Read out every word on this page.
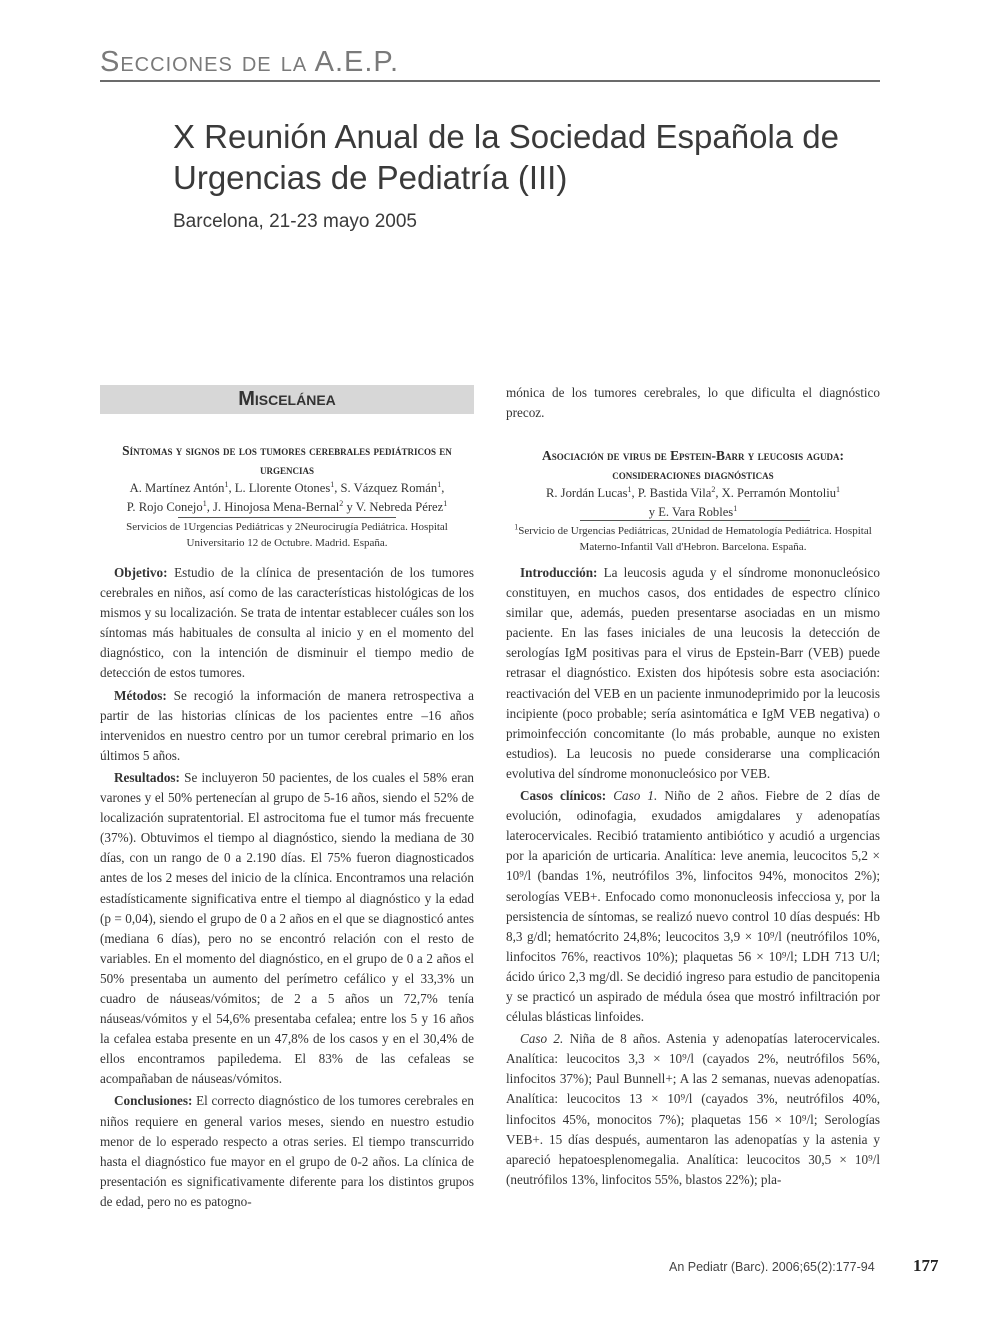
Secciones de la A.E.P.
X Reunión Anual de la Sociedad Española de Urgencias de Pediatría (III)
Barcelona, 21-23 mayo 2005
Miscelánea
Síntomas y signos de los tumores cerebrales pediátricos en urgencias
A. Martínez Antón$^1$, L. Llorente Otones$^1$, S. Vázquez Román$^1$,
P. Rojo Conejo$^1$, J. Hinojosa Mena-Bernal$^2$ y V. Nebreda Pérez$^1$
Servicios de 1Urgencias Pediátricas y 2Neurocirugía Pediátrica. Hospital Universitario 12 de Octubre. Madrid. España.

Objetivo: Estudio de la clínica de presentación de los tumores cerebrales en niños, así como de las características histológicas de los mismos y su localización. Se trata de intentar establecer cuáles son los síntomas más habituales de consulta al inicio y en el momento del diagnóstico, con la intención de disminuir el tiempo medio de detección de estos tumores.

Métodos: Se recogió la información de manera retrospectiva a partir de las historias clínicas de los pacientes entre –16 años intervenidos en nuestro centro por un tumor cerebral primario en los últimos 5 años.

Resultados: Se incluyeron 50 pacientes, de los cuales el 58% eran varones y el 50% pertenecían al grupo de 5-16 años, siendo el 52% de localización supratentorial. El astrocitoma fue el tumor más frecuente (37%). Obtuvimos el tiempo al diagnóstico, siendo la mediana de 30 días, con un rango de 0 a 2.190 días. El 75% fueron diagnosticados antes de los 2 meses del inicio de la clínica. Encontramos una relación estadísticamente significativa entre el tiempo al diagnóstico y la edad (p = 0,04), siendo el grupo de 0 a 2 años en el que se diagnosticó antes (mediana 6 días), pero no se encontró relación con el resto de variables. En el momento del diagnóstico, en el grupo de 0 a 2 años el 50% presentaba un aumento del perímetro cefálico y el 33,3% un cuadro de náuseas/vómitos; de 2 a 5 años un 72,7% tenía náuseas/vómitos y el 54,6% presentaba cefalea; entre los 5 y 16 años la cefalea estaba presente en un 47,8% de los casos y en el 30,4% de ellos encontramos papiledema. El 83% de las cefaleas se acompañaban de náuseas/vómitos.

Conclusiones: El correcto diagnóstico de los tumores cerebrales en niños requiere en general varios meses, siendo en nuestro estudio menor de lo esperado respecto a otras series. El tiempo transcurrido hasta el diagnóstico fue mayor en el grupo de 0-2 años. La clínica de presentación es significativamente diferente para los distintos grupos de edad, pero no es patogno-

mónica de los tumores cerebrales, lo que dificulta el diagnóstico precoz.

Asociación de virus de Epstein-Barr y leucosis aguda: consideraciones diagnósticas
R. Jordán Lucas$^1$, P. Bastida Vila$^2$, X. Perramón Montoliu$^1$
y E. Vara Robles$^1$
$^1$Servicio de Urgencias Pediátricas, 2Unidad de Hematología Pediátrica. Hospital Materno-Infantil Vall d'Hebron. Barcelona. España.

Introducción: La leucosis aguda y el síndrome mononucleósico constituyen, en muchos casos, dos entidades de espectro clínico similar que, además, pueden presentarse asociadas en un mismo paciente. En las fases iniciales de una leucosis la detección de serologías IgM positivas para el virus de Epstein-Barr (VEB) puede retrasar el diagnóstico. Existen dos hipótesis sobre esta asociación: reactivación del VEB en un paciente inmunodeprimido por la leucosis incipiente (poco probable; sería asintomática e IgM VEB negativa) o primoinfección concomitante (lo más probable, aunque no existen estudios). La leucosis no puede considerarse una complicación evolutiva del síndrome mononucleósico por VEB.

Casos clínicos: Caso 1. Niño de 2 años. Fiebre de 2 días de evolución, odinofagia, exudados amigdalares y adenopatías laterocervicales. Recibió tratamiento antibiótico y acudió a urgencias por la aparición de urticaria. Analítica: leve anemia, leucocitos 5,2 × 10⁹/l (bandas 1%, neutrófilos 3%, linfocitos 94%, monocitos 2%); serologías VEB+. Enfocado como mononucleosis infecciosa y, por la persistencia de síntomas, se realizó nuevo control 10 días después: Hb 8,3 g/dl; hematócrito 24,8%; leucocitos 3,9 × 10⁹/l (neutrófilos 10%, linfocitos 76%, reactivos 10%); plaquetas 56 × 10⁹/l; LDH 713 U/l; ácido úrico 2,3 mg/dl. Se decidió ingreso para estudio de pancitopenia y se practicó un aspirado de médula ósea que mostró infiltración por células blásticas linfoides.

Caso 2. Niña de 8 años. Astenia y adenopatías laterocervicales. Analítica: leucocitos 3,3 × 10⁹/l (cayados 2%, neutrófilos 56%, linfocitos 37%); Paul Bunnell+; A las 2 semanas, nuevas adenopatías. Analítica: leucocitos 13 × 10⁹/l (cayados 3%, neutrófilos 40%, linfocitos 45%, monocitos 7%); plaquetas 156 × 10⁹/l; Serologías VEB+. 15 días después, aumentaron las adenopatías y la astenia y apareció hepatoesplenomegalia. Analítica: leucocitos 30,5 × 10⁹/l (neutrófilos 13%, linfocitos 55%, blastos 22%); pla-

An Pediatr (Barc). 2006;65(2):177-94 177
